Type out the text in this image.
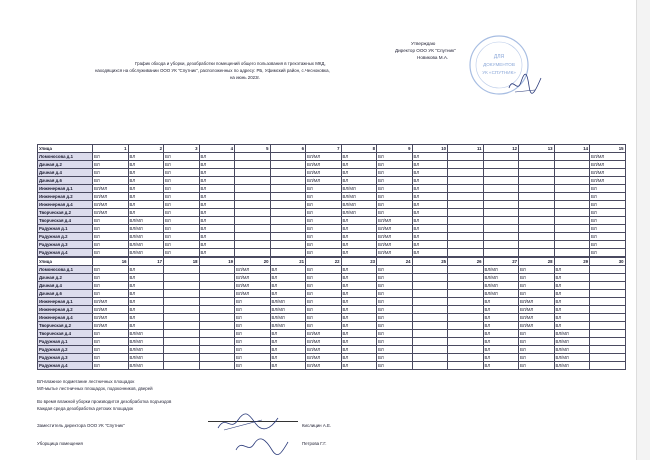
Утверждаю
Директор ООО УК "Спутник"
Новикова М.А.	ДЛЯ
ДОКУМЕНТОВ
УК «СПУТНИК»
График обхода и уборки, дезобработки помещений общего пользования в трехэтажных МКД,
находящихся на обслуживании ООО УК "Спутник", расположенных по адресу: РБ, Уфимский район, с.Чесноковка,
на июнь 2023г.
Улица	1	2	3	4	5	6	7	8	9	10	11	12	13	14	15
Ломоносова д.1	ВЛ	ВЛ	ВЛ	ВЛ			ВЛ/МЛ	ВЛ	ВЛ	ВЛ					ВЛ/МЛ
Дачная д.2	ВЛ	ВЛ	ВЛ	ВЛ			ВЛ/МЛ	ВЛ	ВЛ	ВЛ					ВЛ/МЛ
Дачная д.4	ВЛ	ВЛ	ВЛ	ВЛ			ВЛ/МЛ	ВЛ	ВЛ	ВЛ					ВЛ/МЛ
Дачная д.6	ВЛ	ВЛ	ВЛ	ВЛ			ВЛ/МЛ	ВЛ	ВЛ	ВЛ					ВЛ/МЛ
Инженерная д.1	ВЛ/МЛ	ВЛ	ВЛ	ВЛ			ВЛ	ВЛ/МЛ	ВЛ	ВЛ					ВЛ
Инженерная д.2	ВЛ/МЛ	ВЛ	ВЛ	ВЛ			ВЛ	ВЛ/МЛ	ВЛ	ВЛ					ВЛ
Инженерная д.4	ВЛ/МЛ	ВЛ	ВЛ	ВЛ			ВЛ	ВЛ/МЛ	ВЛ	ВЛ					ВЛ
Творческая д.2	ВЛ/МЛ	ВЛ	ВЛ	ВЛ			ВЛ	ВЛ/МЛ	ВЛ	ВЛ					ВЛ
Творческая д.4	ВЛ	ВЛ/МЛ	ВЛ	ВЛ			ВЛ	ВЛ	ВЛ/МЛ	ВЛ					ВЛ
Радужная д.1	ВЛ	ВЛ/МЛ	ВЛ	ВЛ			ВЛ	ВЛ	ВЛ/МЛ	ВЛ					ВЛ
Радужная д.2	ВЛ	ВЛ/МЛ	ВЛ	ВЛ			ВЛ	ВЛ	ВЛ/МЛ	ВЛ					ВЛ
Радужная д.3	ВЛ	ВЛ/МЛ	ВЛ	ВЛ			ВЛ	ВЛ	ВЛ/МЛ	ВЛ					ВЛ
Радужная д.4	ВЛ	ВЛ/МЛ	ВЛ	ВЛ			ВЛ	ВЛ	ВЛ/МЛ	ВЛ					ВЛ
Улица	16	17	18	19	20	21	22	23	24	25	26	27	28	29	30
Ломоносова д.1	ВЛ	ВЛ			ВЛ/МЛ	ВЛ	ВЛ	ВЛ	ВЛ			ВЛ/МЛ	ВЛ	ВЛ	
Дачная д.2	ВЛ	ВЛ			ВЛ/МЛ	ВЛ	ВЛ	ВЛ	ВЛ			ВЛ/МЛ	ВЛ	ВЛ	
Дачная д.4	ВЛ	ВЛ			ВЛ/МЛ	ВЛ	ВЛ	ВЛ	ВЛ			ВЛ/МЛ	ВЛ	ВЛ	
Дачная д.6	ВЛ	ВЛ			ВЛ/МЛ	ВЛ	ВЛ	ВЛ	ВЛ			ВЛ/МЛ	ВЛ	ВЛ	
Инженерная д.1	ВЛ/МЛ	ВЛ			ВЛ	ВЛ/МЛ	ВЛ	ВЛ	ВЛ			ВЛ	ВЛ/МЛ	ВЛ	
Инженерная д.2	ВЛ/МЛ	ВЛ			ВЛ	ВЛ/МЛ	ВЛ	ВЛ	ВЛ			ВЛ	ВЛ/МЛ	ВЛ	
Инженерная д.4	ВЛ/МЛ	ВЛ			ВЛ	ВЛ/МЛ	ВЛ	ВЛ	ВЛ			ВЛ	ВЛ/МЛ	ВЛ	
Творческая д.2	ВЛ/МЛ	ВЛ			ВЛ	ВЛ/МЛ	ВЛ	ВЛ	ВЛ			ВЛ	ВЛ/МЛ	ВЛ	
Творческая д.4	ВЛ	ВЛ/МЛ			ВЛ	ВЛ	ВЛ/МЛ	ВЛ	ВЛ			ВЛ	ВЛ	ВЛ/МЛ	
Радужная д.1	ВЛ	ВЛ/МЛ			ВЛ	ВЛ	ВЛ/МЛ	ВЛ	ВЛ			ВЛ	ВЛ	ВЛ/МЛ	
Радужная д.2	ВЛ	ВЛ/МЛ			ВЛ	ВЛ	ВЛ/МЛ	ВЛ	ВЛ			ВЛ	ВЛ	ВЛ/МЛ	
Радужная д.3	ВЛ	ВЛ/МЛ			ВЛ	ВЛ	ВЛ/МЛ	ВЛ	ВЛ			ВЛ	ВЛ	ВЛ/МЛ	
Радужная д.4	ВЛ	ВЛ/МЛ			ВЛ	ВЛ	ВЛ/МЛ	ВЛ	ВЛ			ВЛ	ВЛ	ВЛ/МЛ	
ВЛ-влажное подметание лестничных площадок
МЛ-мытье лестничных площадок, подоконников, дверей
Во время влажной уборки производится дезобработка подъездов
Каждая среда дезобработка детских площадок
Заместитель директора ООО УК "Спутник"	Кислицин А.Е.
Уборщица помещения	Петрова Г.Г.
